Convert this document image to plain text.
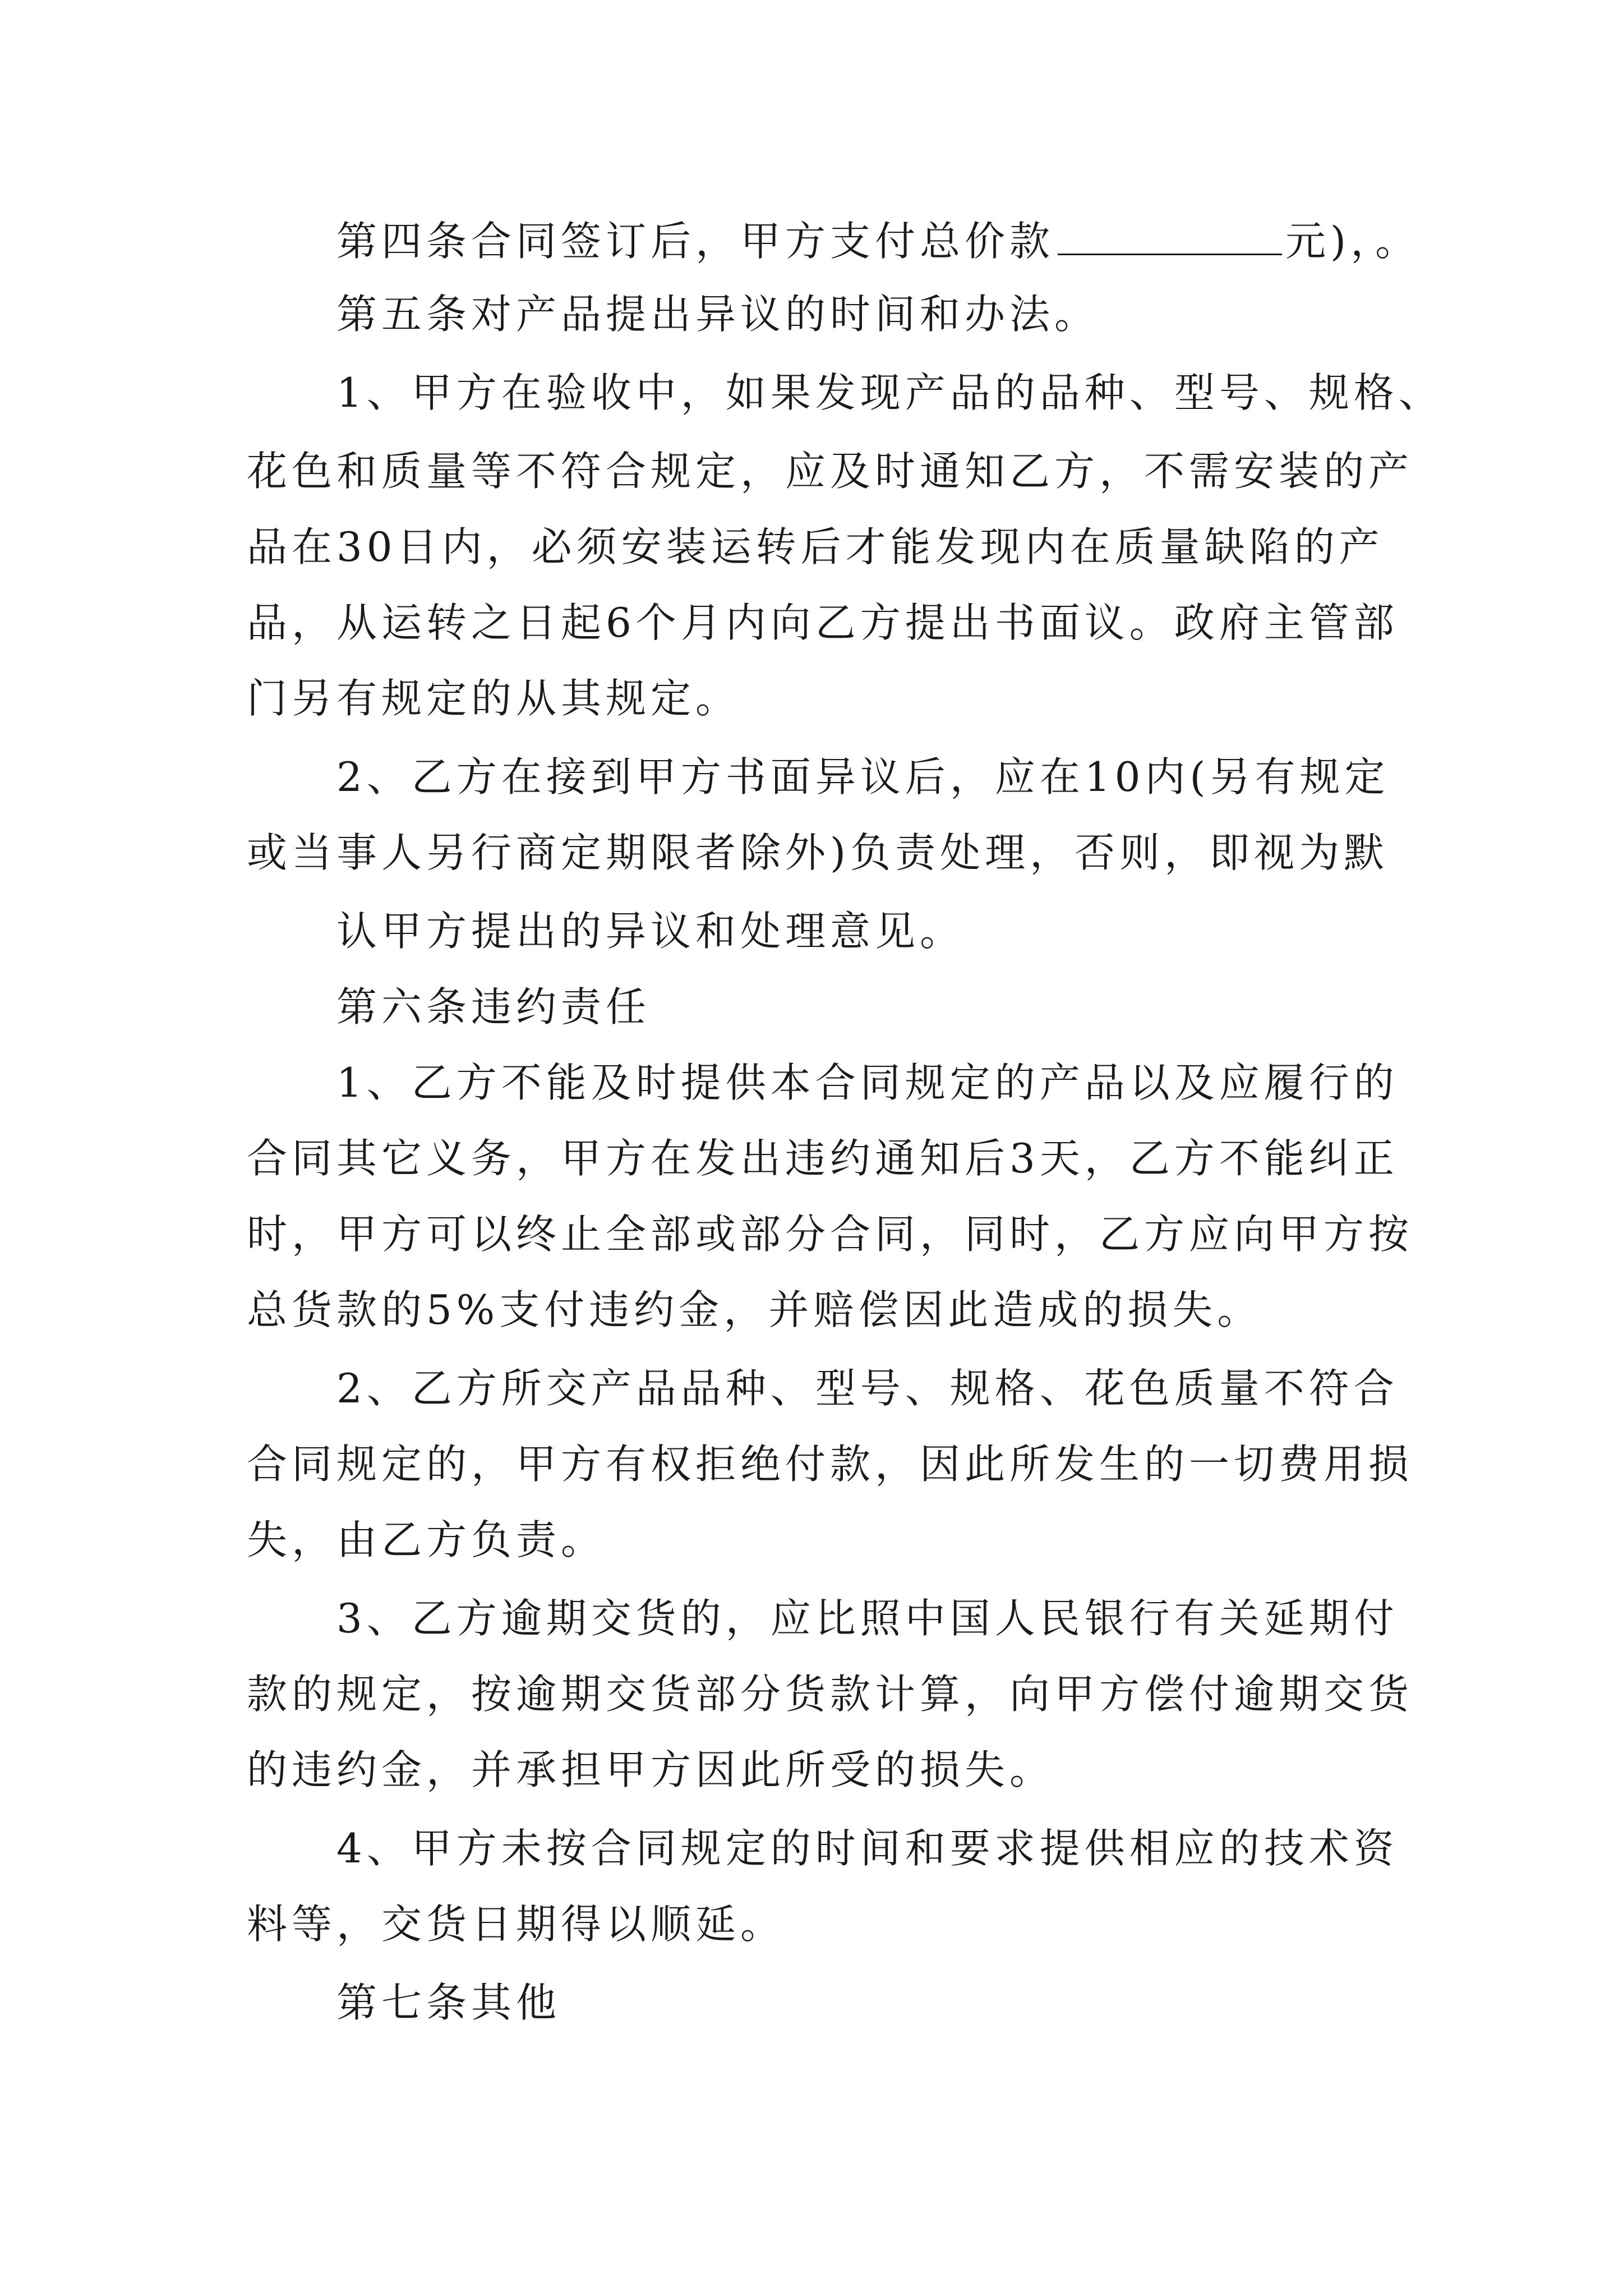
第四条合同签订后，甲方支付总价款	元)，。
第五条对产品提出异议的时间和办法。
1、甲方在验收中，如果发现产品的品种、型号、规格、
花色和质量等不符合规定，应及时通知乙方，不需安装的产
品在30日内，必须安装运转后才能发现内在质量缺陷的产
品，从运转之日起6个月内向乙方提出书面议。政府主管部
门另有规定的从其规定。
2、乙方在接到甲方书面异议后，应在10内(另有规定
或当事人另行商定期限者除外)负责处理，否则，即视为默
认甲方提出的异议和处理意见。
第六条违约责任
1、乙方不能及时提供本合同规定的产品以及应履行的
合同其它义务，甲方在发出违约通知后3天，乙方不能纠正
时，甲方可以终止全部或部分合同，同时，乙方应向甲方按
总货款的5%支付违约金，并赔偿因此造成的损失。
2、乙方所交产品品种、型号、规格、花色质量不符合
合同规定的，甲方有权拒绝付款，因此所发生的一切费用损
失，由乙方负责。
3、乙方逾期交货的，应比照中国人民银行有关延期付
款的规定，按逾期交货部分货款计算，向甲方偿付逾期交货
的违约金，并承担甲方因此所受的损失。
4、甲方未按合同规定的时间和要求提供相应的技术资
料等，交货日期得以顺延。
第七条其他
